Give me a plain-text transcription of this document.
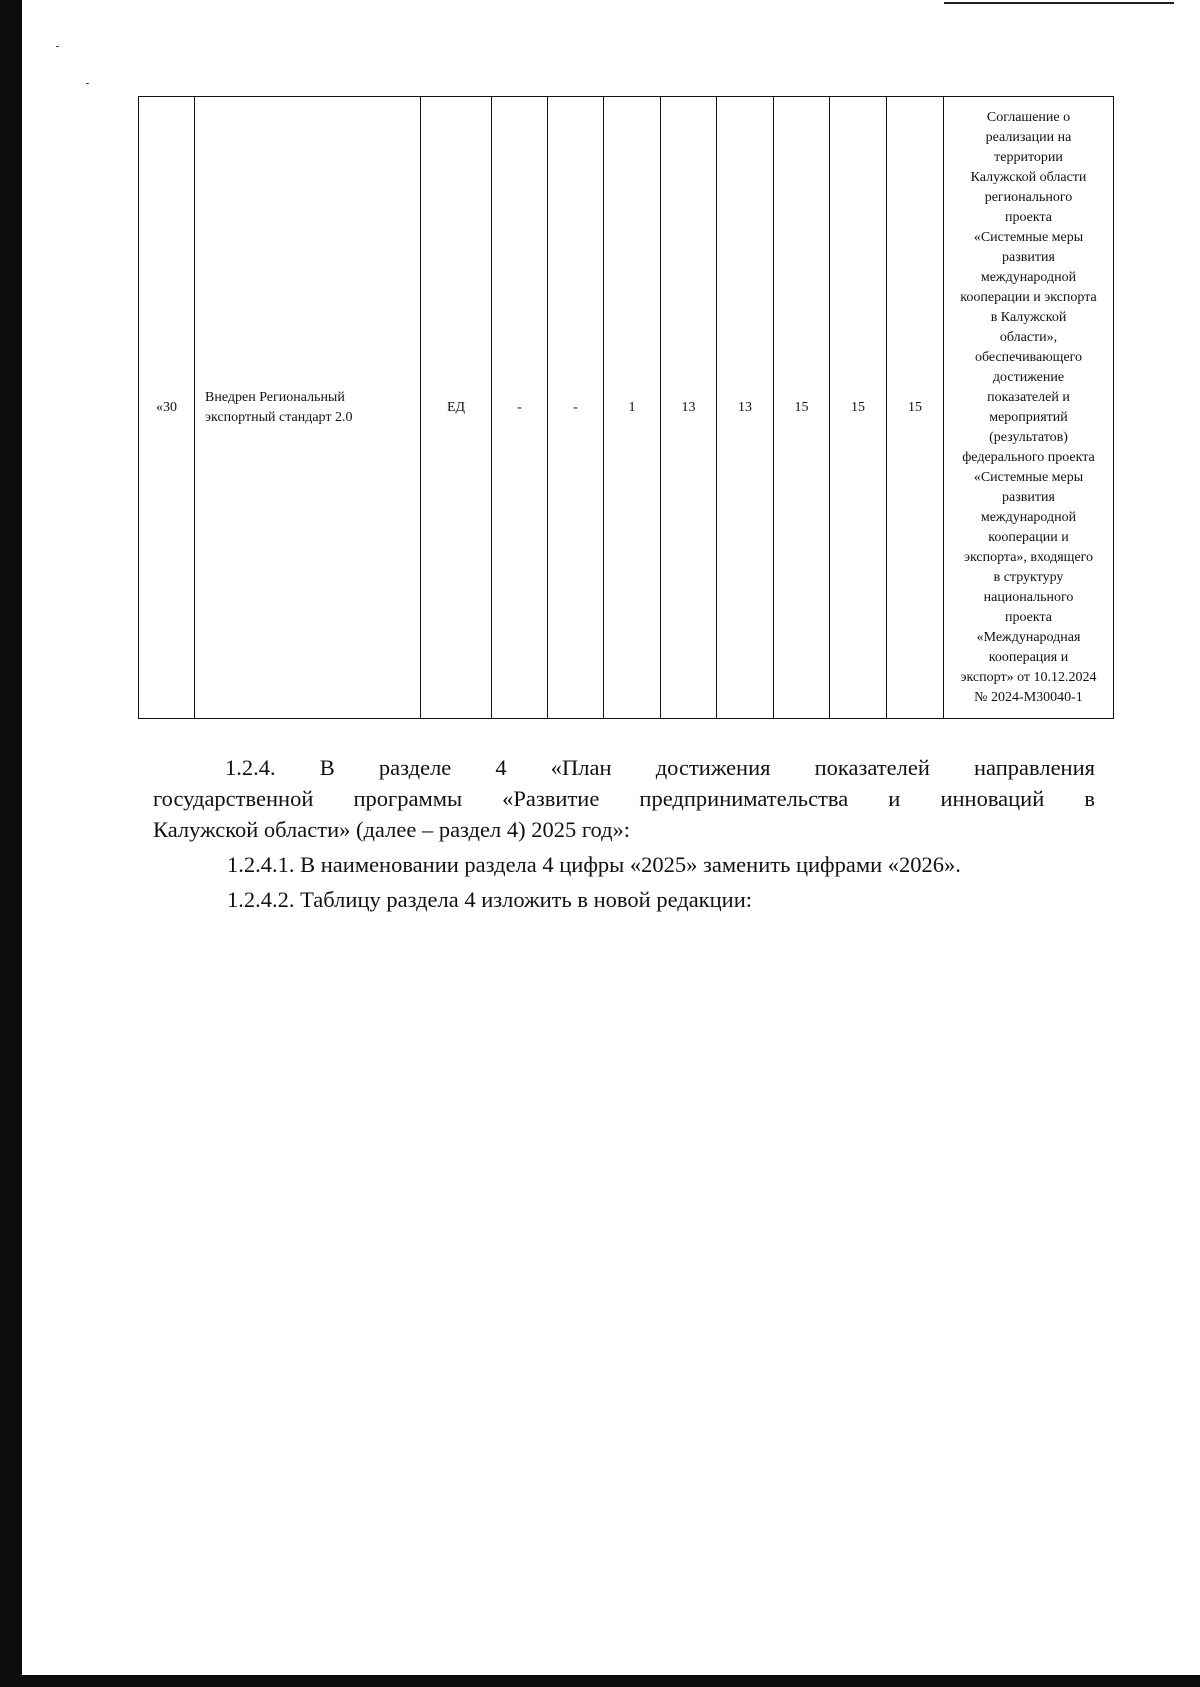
«30	Внедрен Региональный экспортный стандарт 2.0	ЕД	-	-	1	13	13	15	15	15	Соглашение о
реализации на
территории
Калужской области
регионального
проекта
«Системные меры
развития
международной
кооперации и экспорта
в Калужской
области»,
обеспечивающего
достижение
показателей и
мероприятий
(результатов)
федерального проекта
«Системные меры
развития
международной
кооперации и
экспорта», входящего
в структуру
национального
проекта
«Международная
кооперация и
экспорт» от 10.12.2024
№ 2024-М30040-1
1.2.4. В разделе 4 «План достижения показателей направления
государственной программы «Развитие предпринимательства и инноваций в
Калужской области» (далее – раздел 4) 2025 год»:
1.2.4.1. В наименовании раздела 4 цифры «2025» заменить цифрами «2026».
1.2.4.2. Таблицу раздела 4 изложить в новой редакции:
